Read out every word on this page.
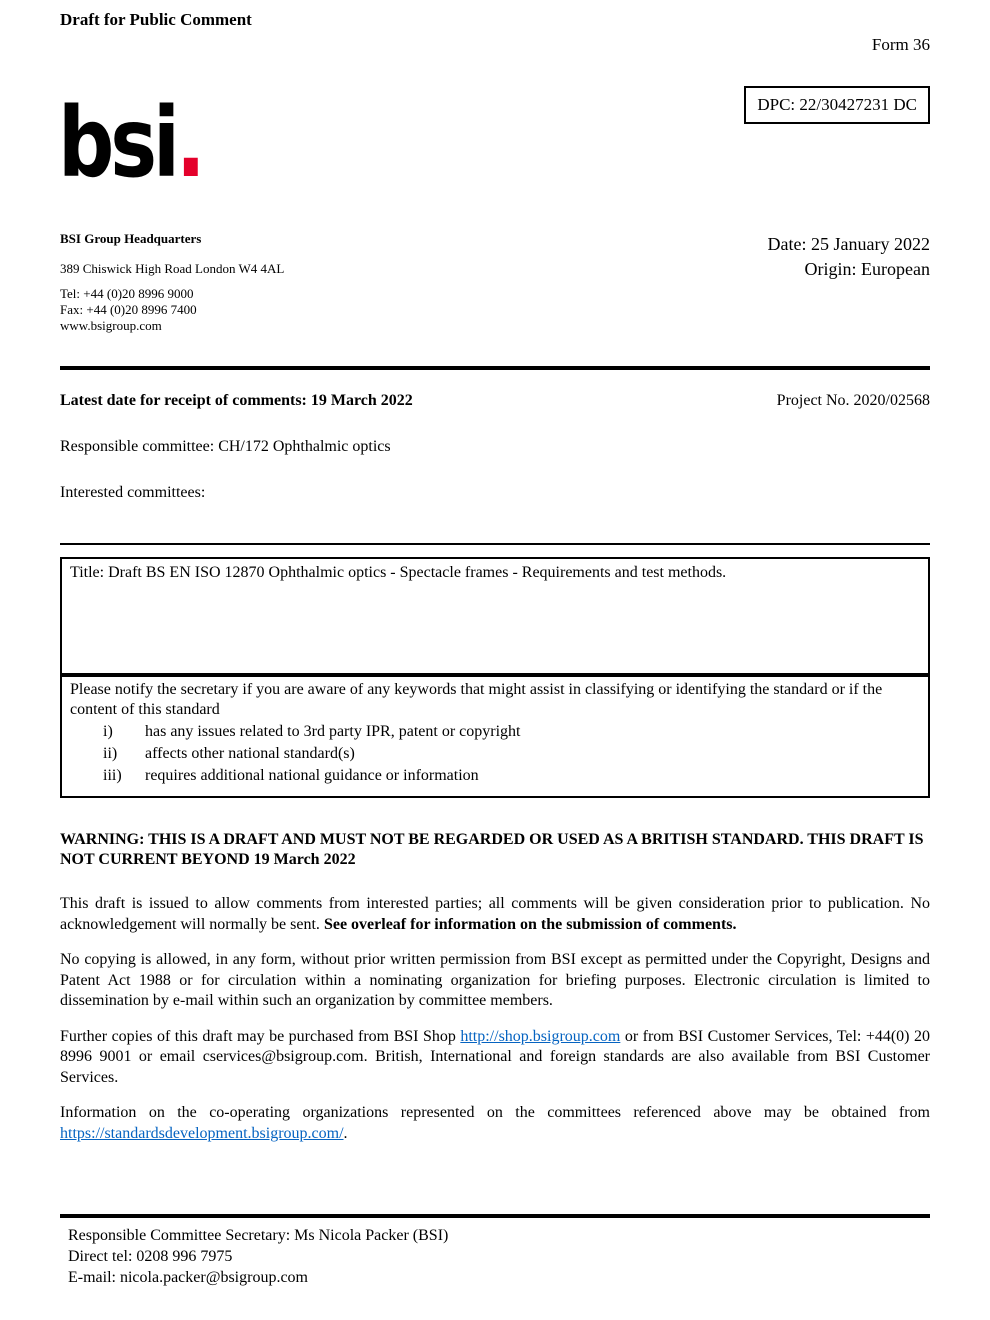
Draft for Public Comment
Form 36
DPC: 22/30427231 DC
bsi.
BSI Group Headquarters
389 Chiswick High Road London W4 4AL
Tel: +44 (0)20 8996 9000
Fax: +44 (0)20 8996 7400
www.bsigroup.com
Date: 25 January 2022
Origin: European
Latest date for receipt of comments: 19 March 2022	Project No. 2020/02568
Responsible committee: CH/172 Ophthalmic optics
Interested committees:
Title: Draft BS EN ISO 12870 Ophthalmic optics - Spectacle frames - Requirements and test methods.
Please notify the secretary if you are aware of any keywords that might assist in classifying or identifying the standard or if the content of this standard
i)	has any issues related to 3rd party IPR, patent or copyright
ii)	affects other national standard(s)
iii)	requires additional national guidance or information

WARNING: THIS IS A DRAFT AND MUST NOT BE REGARDED OR USED AS A BRITISH STANDARD. THIS DRAFT IS NOT CURRENT BEYOND 19 March 2022

This draft is issued to allow comments from interested parties; all comments will be given consideration prior to publication. No acknowledgement will normally be sent. See overleaf for information on the submission of comments.

No copying is allowed, in any form, without prior written permission from BSI except as permitted under the Copyright, Designs and Patent Act 1988 or for circulation within a nominating organization for briefing purposes. Electronic circulation is limited to dissemination by e-mail within such an organization by committee members.

Further copies of this draft may be purchased from BSI Shop http://shop.bsigroup.com or from BSI Customer Services, Tel: +44(0) 20 8996 9001 or email cservices@bsigroup.com. British, International and foreign standards are also available from BSI Customer Services.

Information on the co-operating organizations represented on the committees referenced above may be obtained from https://standardsdevelopment.bsigroup.com/.

Responsible Committee Secretary: Ms Nicola Packer (BSI)
Direct tel: 0208 996 7975
E-mail: nicola.packer@bsigroup.com
